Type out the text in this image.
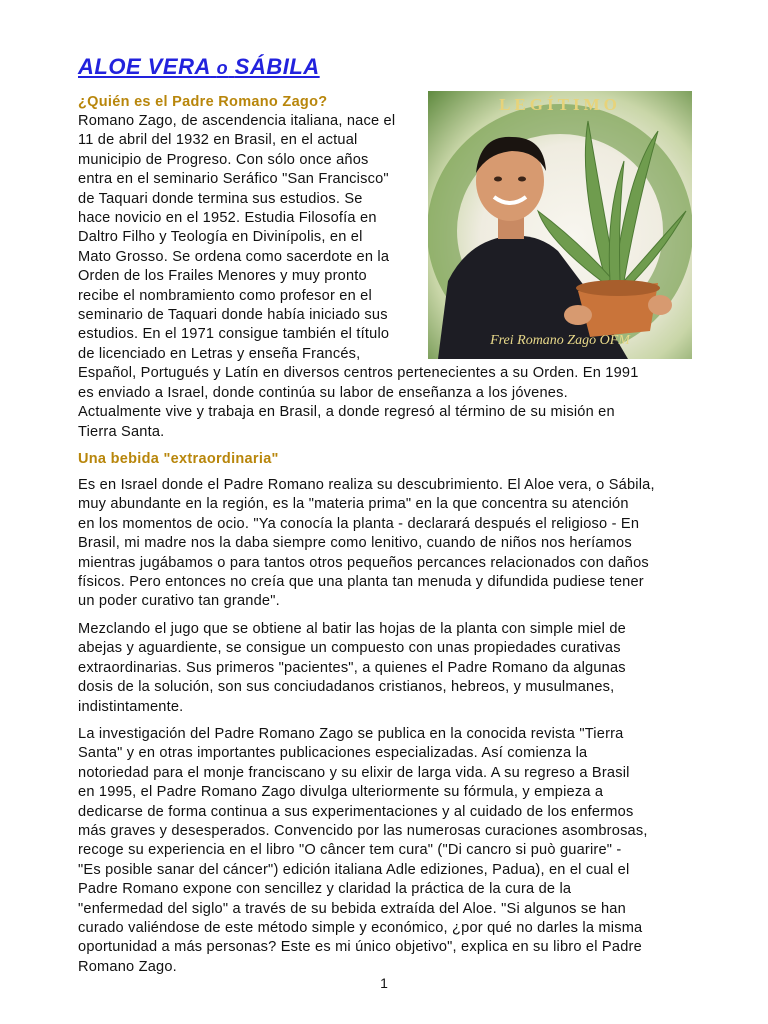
ALOE VERA o SÁBILA
LEGÍTIMO
Frei Romano Zago OFM
¿Quién es el Padre Romano Zago?
Romano Zago, de ascendencia italiana, nace el
11 de abril del 1932 en Brasil, en el actual
municipio de Progreso. Con sólo once años
entra en el seminario Seráfico "San Francisco"
de Taquari donde termina sus estudios. Se
hace novicio en el 1952. Estudia Filosofía en
Daltro Filho y Teología en Divinípolis, en el
Mato Grosso. Se ordena como sacerdote en la
Orden de los Frailes Menores y muy pronto
recibe el nombramiento como profesor en el
seminario de Taquari donde había iniciado sus
estudios. En el 1971 consigue también el título
de licenciado en Letras y enseña Francés,
Español, Portugués y Latín en diversos centros pertenecientes a su Orden. En 1991
es enviado a Israel, donde continúa su labor de enseñanza a los jóvenes.
Actualmente vive y trabaja en Brasil, a donde regresó al término de su misión en
Tierra Santa.
Una bebida "extraordinaria"
Es en Israel donde el Padre Romano realiza su descubrimiento. El Aloe vera, o Sábila,
muy abundante en la región, es la "materia prima" en la que concentra su atención
en los momentos de ocio. "Ya conocía la planta - declarará después el religioso - En
Brasil, mi madre nos la daba siempre como lenitivo, cuando de niños nos heríamos
mientras jugábamos o para tantos otros pequeños percances relacionados con daños
físicos. Pero entonces no creía que una planta tan menuda y difundida pudiese tener
un poder curativo tan grande".
Mezclando el jugo que se obtiene al batir las hojas de la planta con simple miel de
abejas y aguardiente, se consigue un compuesto con unas propiedades curativas
extraordinarias. Sus primeros "pacientes", a quienes el Padre Romano da algunas
dosis de la solución, son sus conciudadanos cristianos, hebreos, y musulmanes,
indistintamente.
La investigación del Padre Romano Zago se publica en la conocida revista "Tierra
Santa" y en otras importantes publicaciones especializadas. Así comienza la
notoriedad para el monje franciscano y su elixir de larga vida. A su regreso a Brasil
en 1995, el Padre Romano Zago divulga ulteriormente su fórmula, y empieza a
dedicarse de forma continua a sus experimentaciones y al cuidado de los enfermos
más graves y desesperados. Convencido por las numerosas curaciones asombrosas,
recoge su experiencia en el libro "O câncer tem cura" ("Di cancro si può guarire" -
"Es posible sanar del cáncer") edición italiana Adle ediziones, Padua), en el cual el
Padre Romano expone con sencillez y claridad la práctica de la cura de la
"enfermedad del siglo" a través de su bebida extraída del Aloe. "Si algunos se han
curado valiéndose de este método simple y económico, ¿por qué no darles la misma
oportunidad a más personas? Este es mi único objetivo", explica en su libro el Padre
Romano Zago.
1
